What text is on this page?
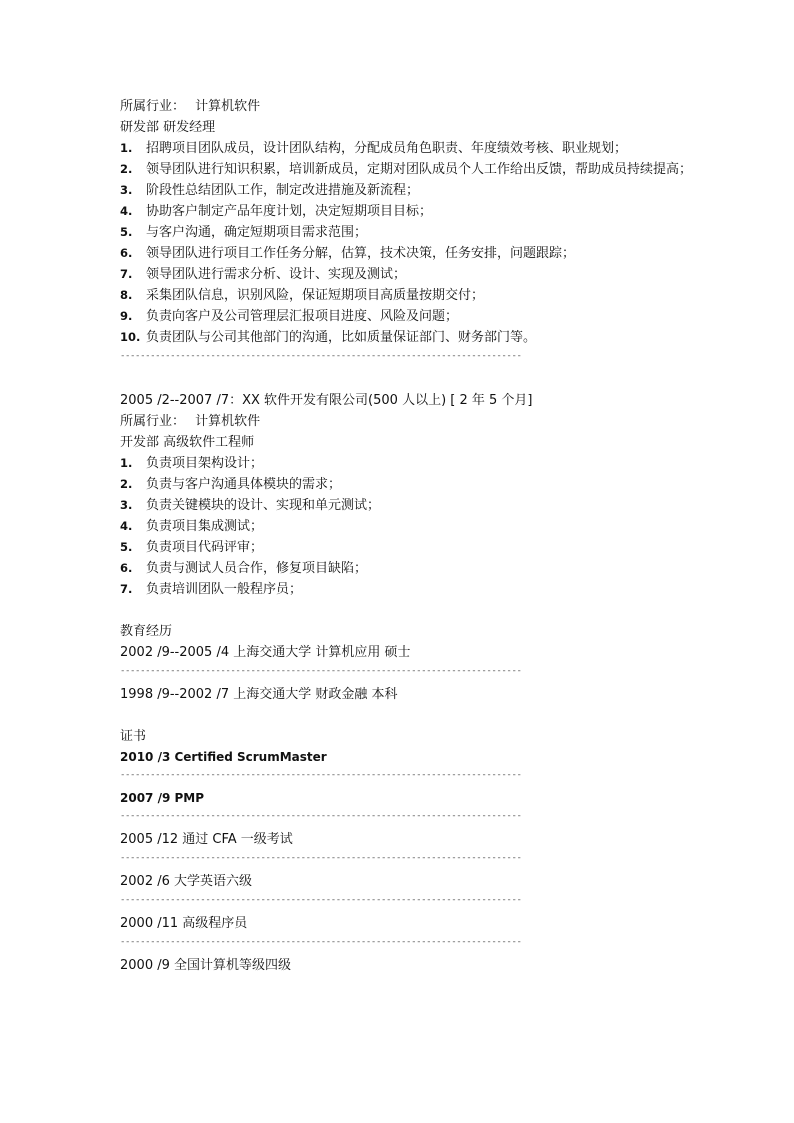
所属行业： 计算机软件
研发部 研发经理
1. 招聘项目团队成员，设计团队结构，分配成员角色职责、年度绩效考核、职业规划；
2. 领导团队进行知识积累，培训新成员，定期对团队成员个人工作给出反馈，帮助成员持续提高；
3. 阶段性总结团队工作，制定改进措施及新流程；
4. 协助客户制定产品年度计划，决定短期项目目标；
5. 与客户沟通，确定短期项目需求范围；
6. 领导团队进行项目工作任务分解，估算，技术决策，任务安排，问题跟踪；
7. 领导团队进行需求分析、设计、实现及测试；
8. 采集团队信息，识别风险，保证短期项目高质量按期交付；
9. 负责向客户及公司管理层汇报项目进度、风险及问题；
10. 负责团队与公司其他部门的沟通，比如质量保证部门、财务部门等。
--------------------------------------------------------------------------------
2005 /2--2007 /7：XX 软件开发有限公司(500 人以上) [ 2 年 5 个月]
所属行业： 计算机软件
开发部 高级软件工程师
1. 负责项目架构设计；
2. 负责与客户沟通具体模块的需求；
3. 负责关键模块的设计、实现和单元测试；
4. 负责项目集成测试；
5. 负责项目代码评审；
6. 负责与测试人员合作，修复项目缺陷；
7. 负责培训团队一般程序员；
教育经历
2002 /9--2005 /4 上海交通大学 计算机应用 硕士
--------------------------------------------------------------------------------
1998 /9--2002 /7 上海交通大学 财政金融 本科
证书
2010 /3 Certified ScrumMaster
--------------------------------------------------------------------------------
2007 /9 PMP
--------------------------------------------------------------------------------
2005 /12 通过 CFA 一级考试
--------------------------------------------------------------------------------
2002 /6 大学英语六级
--------------------------------------------------------------------------------
2000 /11 高级程序员
--------------------------------------------------------------------------------
2000 /9 全国计算机等级四级
